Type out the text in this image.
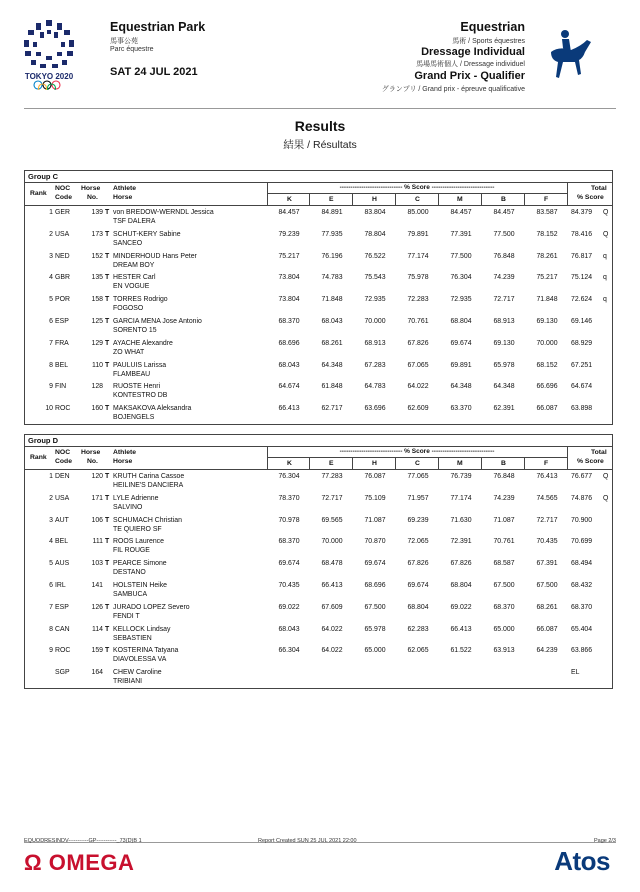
TOKYO 2020
Equestrian Park
馬事公苑
Parc équestre
SAT 24 JUL 2021
Equestrian
馬術 / Sports équestres
Dressage Individual
馬場馬術個人 / Dressage individuel
Grand Prix - Qualifier
グランプリ / Grand prix - épreuve qualificative
Results
結果 / Résultats
Group C
Rank
NOC
Code
Horse
No.
Athlete
Horse
----------------------------- % Score -----------------------------
K	E	H	C	M	B	F
Total
% Score
1 GER	139 T von BREDOW-WERNDL Jessica
TSF DALERA
84.457	84.891	83.804	85.000	84.457	84.457	83.587	84.379 Q
2 USA	173 T SCHUT-KERY Sabine
SANCEO
79.239	77.935	78.804	79.891	77.391	77.500	78.152	78.416 Q
3 NED	152 T MINDERHOUD Hans Peter
DREAM BOY
75.217	76.196	76.522	77.174	77.500	76.848	78.261	76.817 q
4 GBR	135 T HESTER Carl
EN VOGUE
73.804	74.783	75.543	75.978	76.304	74.239	75.217	75.124 q
5 POR	158 T TORRES Rodrigo
FOGOSO
73.804	71.848	72.935	72.283	72.935	72.717	71.848	72.624 q
6 ESP	125 T GARCIA MENA Jose Antonio
SORENTO 15
68.370	68.043	70.000	70.761	68.804	68.913	69.130	69.146
7 FRA	129 T AYACHE Alexandre
ZO WHAT
68.696	68.261	68.913	67.826	69.674	69.130	70.000	68.929
8 BEL	110 T PAULUIS Larissa
FLAMBEAU
68.043	64.348	67.283	67.065	69.891	65.978	68.152	67.251
9 FIN	128 RUOSTE Henri
KONTESTRO DB
64.674	61.848	64.783	64.022	64.348	64.348	66.696	64.674
10 ROC	160 T MAKSAKOVA Aleksandra
BOJENGELS
66.413	62.717	63.696	62.609	63.370	62.391	66.087	63.898
Group D
Rank
NOC
Code
Horse
No.
Athlete
Horse
----------------------------- % Score -----------------------------
K	E	H	C	M	B	F
Total
% Score
1 DEN	120 T KRUTH Carina Cassoe
HEILINE'S DANCIERA
76.304	77.283	76.087	77.065	76.739	76.848	76.413	76.677 Q
2 USA	171 T LYLE Adrienne
SALVINO
78.370	72.717	75.109	71.957	77.174	74.239	74.565	74.876 Q
3 AUT	106 T SCHUMACH Christian
TE QUIERO SF
70.978	69.565	71.087	69.239	71.630	71.087	72.717	70.900
4 BEL	111 T ROOS Laurence
FIL ROUGE
68.370	70.000	70.870	72.065	72.391	70.761	70.435	70.699
5 AUS	103 T PEARCE Simone
DESTANO
69.674	68.478	69.674	67.826	67.826	68.587	67.391	68.494
6 IRL	141 HOLSTEIN Heike
SAMBUCA
70.435	66.413	68.696	69.674	68.804	67.500	67.500	68.432
7 ESP	126 T JURADO LOPEZ Severo
FENDI T
69.022	67.609	67.500	68.804	69.022	68.370	68.261	68.370
8 CAN	114 T KELLOCK Lindsay
SEBASTIEN
68.043	64.022	65.978	62.283	66.413	65.000	66.087	65.404
9 ROC	159 T KOSTERINA Tatyana
DIAVOLESSA VA
66.304	64.022	65.000	62.065	61.522	63.913	64.239	63.866
SGP	164 CHEW Caroline
TRIBIANI
EL
EQUODRESINDV-----------GP-----------_73(D)B 1	Report Created SUN 25 JUL 2021 22:00	Page 2/3
Ω OMEGA	Atos
